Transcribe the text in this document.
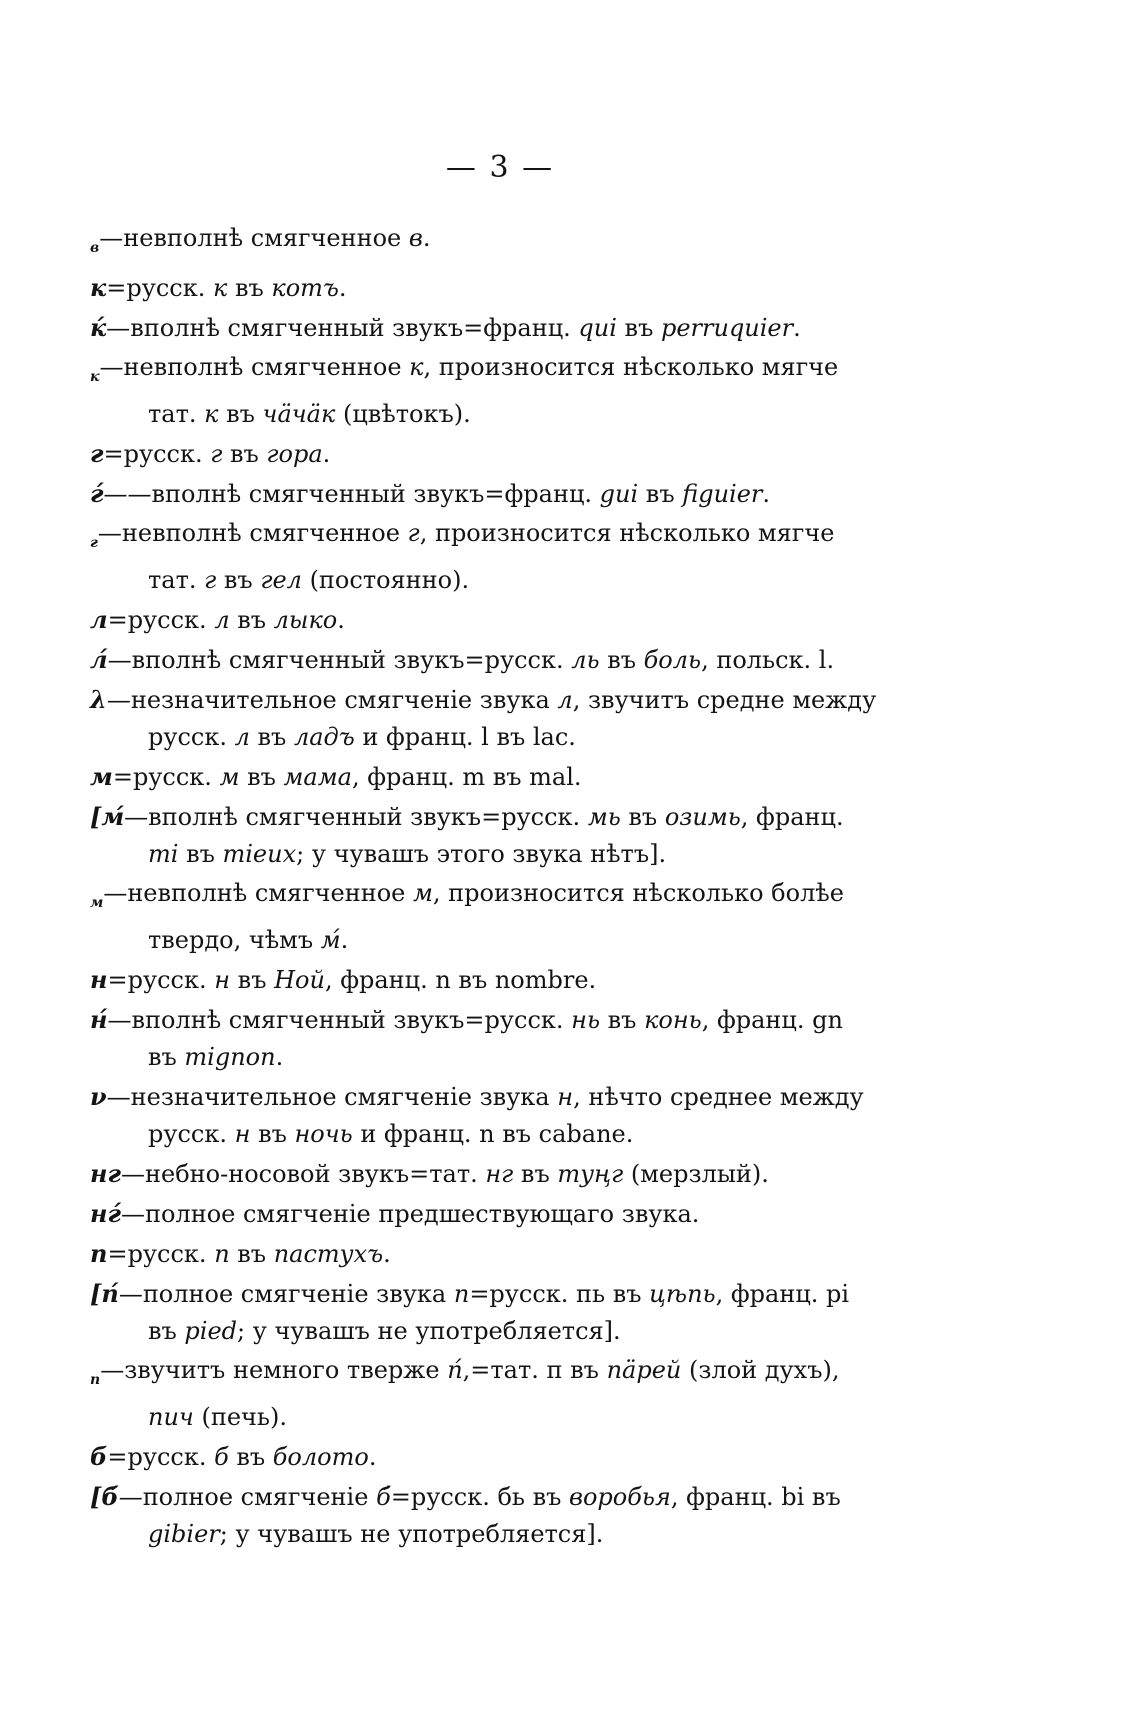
— 3 —
$_в$—невполнѣ смягченное в.
к=русск. к въ котъ.
ќ—вполнѣ смягченный звукъ=франц. qui въ perruquier.
$_к$—невполнѣ смягченное к, произносится нѣсколько мягче
тат. к въ чӓчӓк (цвѣтокъ).
г=русск. г въ гора.
ѓ——вполнѣ смягченный звукъ=франц. gui въ figuier.
$_г$—невполнѣ смягченное г, произносится нѣсколько мягче
тат. г въ гел (постоянно).
л=русск. л въ лыко.
л́—вполнѣ смягченный звукъ=русск. ль въ боль, польск. l.
λ—незначительное смягченіе звука л, звучитъ средне между
русск. л въ ладъ и франц. l въ lac.
м=русск. м въ мама, франц. m въ mal.
[м́—вполнѣ смягченный звукъ=русск. мь въ озимь, франц.
mi въ mieux; у чувашъ этого звука нѣтъ].
$_м$—невполнѣ смягченное м, произносится нѣсколько болѣе
твердо, чѣмъ м́.
н=русск. н въ Ной, франц. n въ nombre.
н́—вполнѣ смягченный звукъ=русск. нь въ конь, франц. gn
въ mignon.
ν—незначительное смягченіе звука н, нѣчто среднее между
русск. н въ ночь и франц. n въ cabane.
нг—небно-носовой звукъ=тат. нг въ туңг (мерзлый).
нѓ—полное смягченіе предшествующаго звука.
п=русск. п въ пастухъ.
[п́—полное смягченіе звука п=русск. пь въ цѣпь, франц. pi
въ pied; у чувашъ не употребляется].
$_п$—звучитъ немного тверже п́,=тат. п въ пӓрей (злой духъ),
пич (печь).
б=русск. б въ болото.
[б́—полное смягченіе б́=русск. бь въ воробья, франц. bi въ
gibier; у чувашъ не употребляется].
